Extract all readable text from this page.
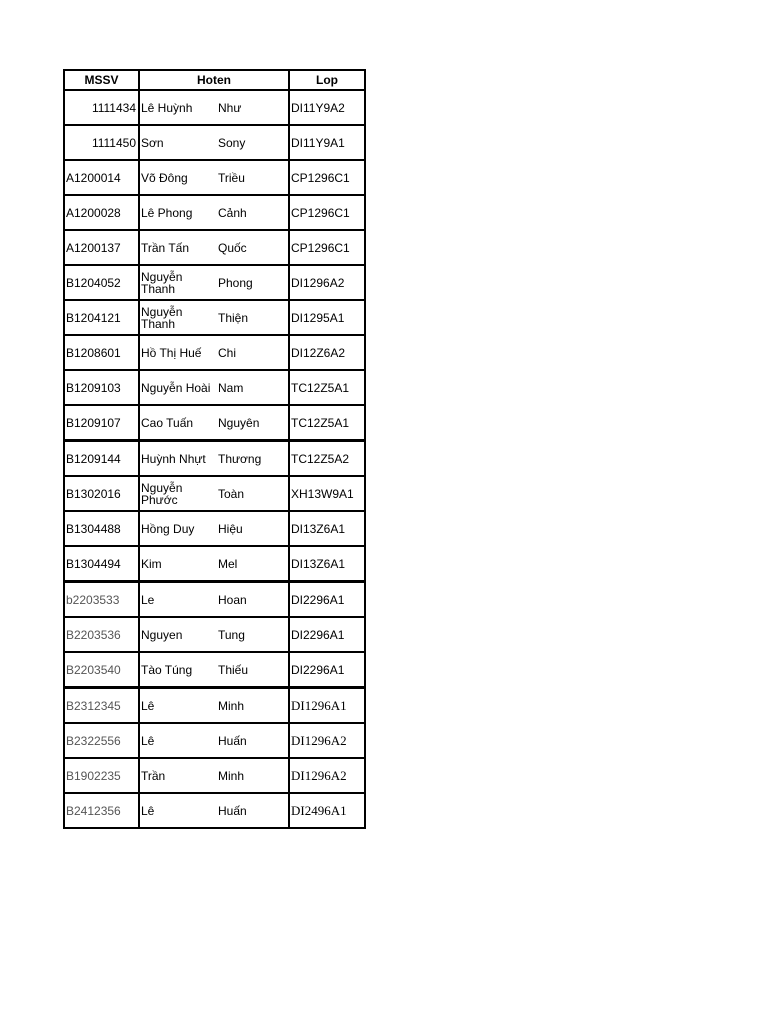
MSSV	Hoten		Lop
1111434	Lê Huỳnh	Như	DI11Y9A2
1111450	Sơn	Sony	DI11Y9A1
A1200014	Võ Đông	Triều	CP1296C1
A1200028	Lê Phong	Cảnh	CP1296C1
A1200137	Trần Tấn	Quốc	CP1296C1
B1204052	Nguyễn Thanh	Phong	DI1296A2
B1204121	Nguyễn Thanh	Thiện	DI1295A1
B1208601	Hồ Thị Huế	Chi	DI12Z6A2
B1209103	Nguyễn Hoài	Nam	TC12Z5A1
B1209107	Cao Tuấn	Nguyên	TC12Z5A1
B1209144	Huỳnh Nhựt	Thương	TC12Z5A2
B1302016	Nguyễn Phước	Toàn	XH13W9A1
B1304488	Hồng Duy	Hiệu	DI13Z6A1
B1304494	Kim	Mel	DI13Z6A1
b2203533	Le	Hoan	DI2296A1
B2203536	Nguyen	Tung	DI2296A1
B2203540	Tào Túng	Thiếu	DI2296A1
B2312345	Lê	Minh	DI1296A1
B2322556	Lê	Huấn	DI1296A2
B1902235	Trần	Minh	DI1296A2
B2412356	Lê	Huấn	DI2496A1
